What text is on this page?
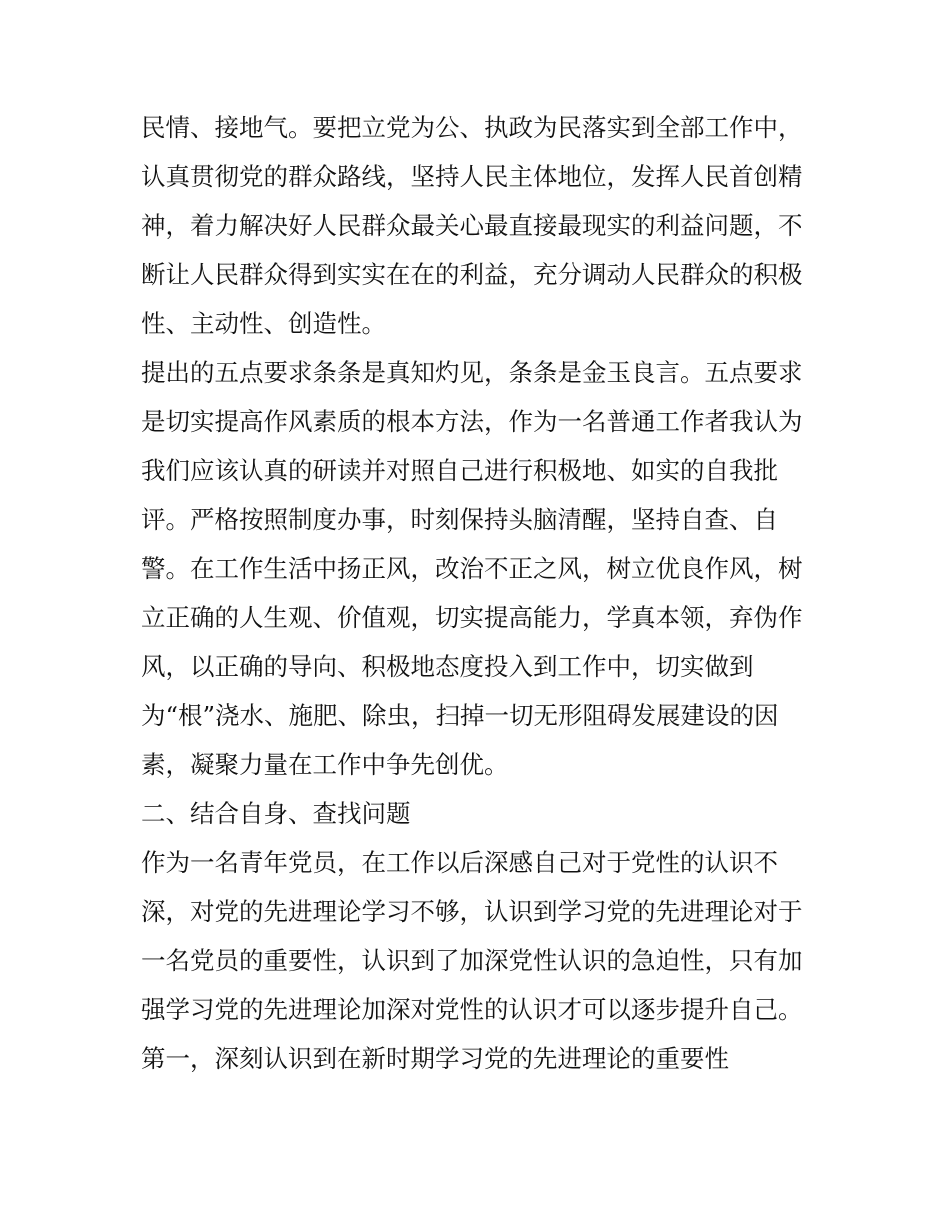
民情、接地气。要把立党为公、执政为民落实到全部工作中，
认真贯彻党的群众路线，坚持人民主体地位，发挥人民首创精
神，着力解决好人民群众最关心最直接最现实的利益问题，不
断让人民群众得到实实在在的利益，充分调动人民群众的积极
性、主动性、创造性。
提出的五点要求条条是真知灼见，条条是金玉良言。五点要求
是切实提高作风素质的根本方法，作为一名普通工作者我认为
我们应该认真的研读并对照自己进行积极地、如实的自我批
评。严格按照制度办事，时刻保持头脑清醒，坚持自查、自
警。在工作生活中扬正风，改治不正之风，树立优良作风，树
立正确的人生观、价值观，切实提高能力，学真本领，弃伪作
风，以正确的导向、积极地态度投入到工作中，切实做到
为“根”浇水、施肥、除虫，扫掉一切无形阻碍发展建设的因
素，凝聚力量在工作中争先创优。
二、结合自身、查找问题
作为一名青年党员，在工作以后深感自己对于党性的认识不
深，对党的先进理论学习不够，认识到学习党的先进理论对于
一名党员的重要性，认识到了加深党性认识的急迫性，只有加
强学习党的先进理论加深对党性的认识才可以逐步提升自己。
第一，深刻认识到在新时期学习党的先进理论的重要性
